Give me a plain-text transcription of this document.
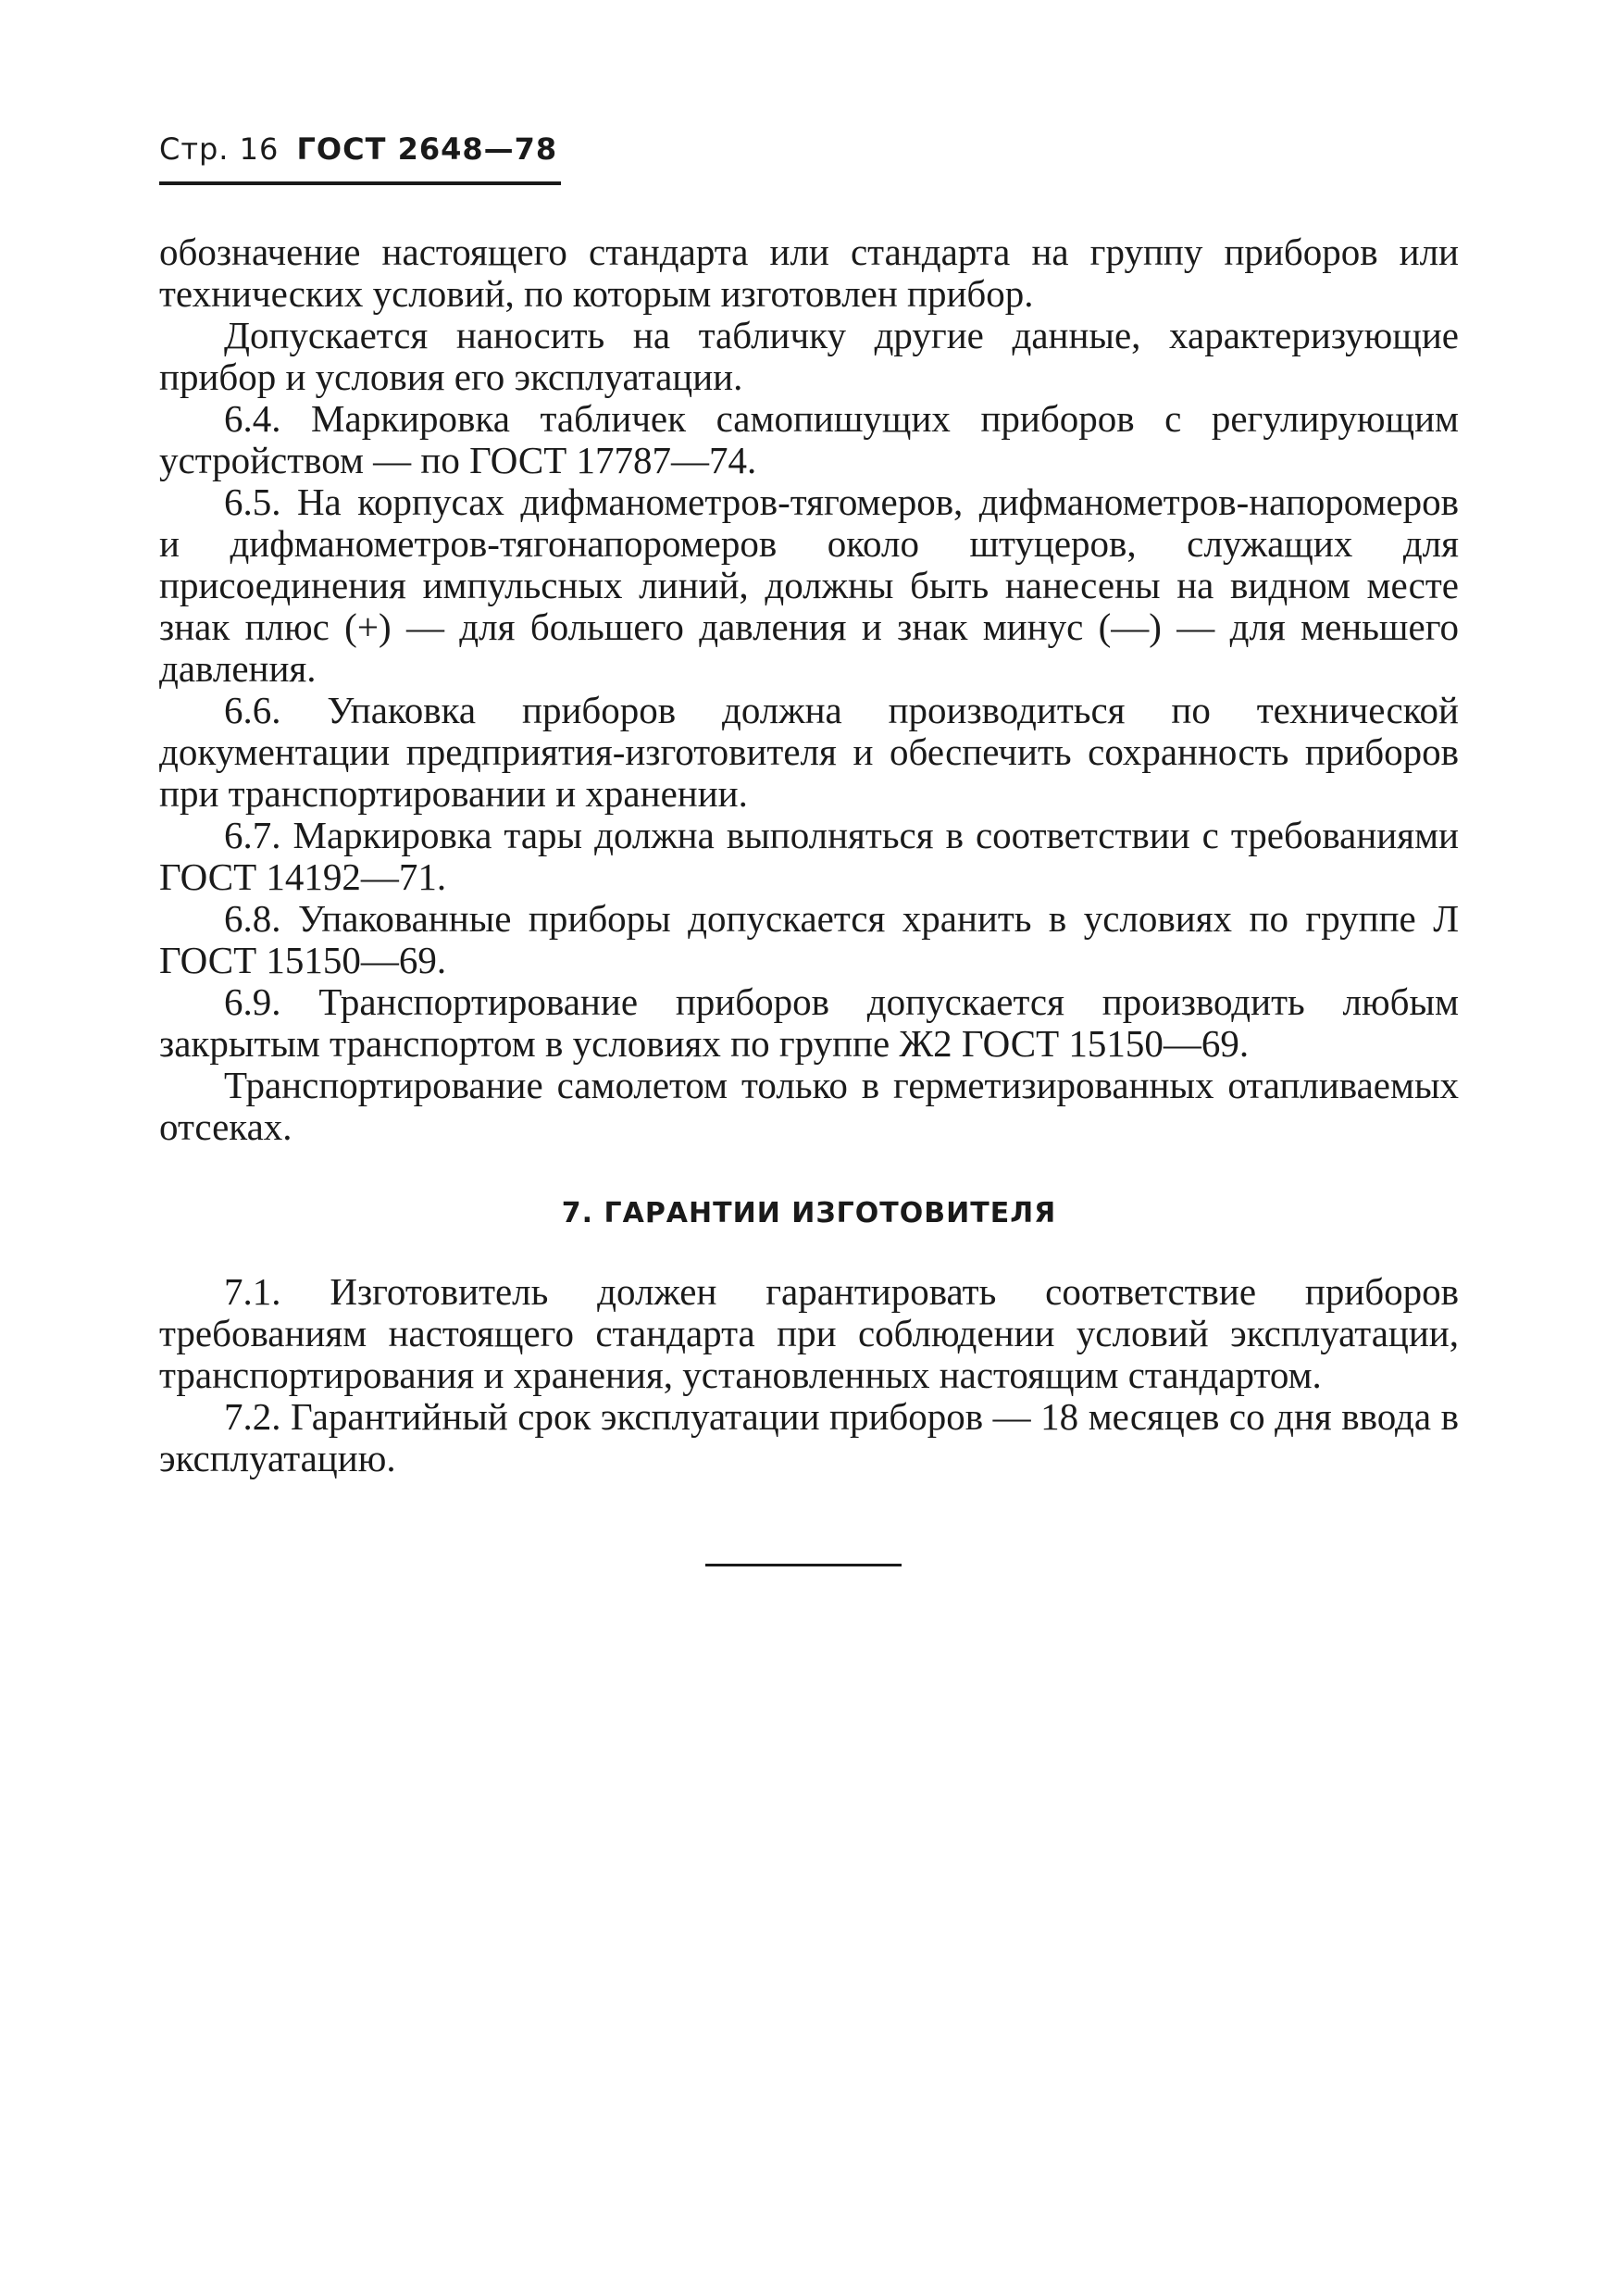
Стр. 16 ГОСТ 2648—78

обозначение настоящего стандарта или стандарта на группу приборов или технических условий, по которым изготовлен прибор.

Допускается наносить на табличку другие данные, характеризующие прибор и условия его эксплуатации.

6.4. Маркировка табличек самопишущих приборов с регулирующим устройством — по ГОСТ 17787—74.

6.5. На корпусах дифманометров-тягомеров, дифманометров-напоромеров и дифманометров-тягонапоромеров около штуцеров, служащих для присоединения импульсных линий, должны быть нанесены на видном месте знак плюс (+) — для большего давления и знак минус (—) — для меньшего давления.

6.6. Упаковка приборов должна производиться по технической документации предприятия-изготовителя и обеспечить сохранность приборов при транспортировании и хранении.

6.7. Маркировка тары должна выполняться в соответствии с требованиями ГОСТ 14192—71.

6.8. Упакованные приборы допускается хранить в условиях по группе Л ГОСТ 15150—69.

6.9. Транспортирование приборов допускается производить любым закрытым транспортом в условиях по группе Ж2 ГОСТ 15150—69.

Транспортирование самолетом только в герметизированных отапливаемых отсеках.

7. ГАРАНТИИ ИЗГОТОВИТЕЛЯ

7.1. Изготовитель должен гарантировать соответствие приборов требованиям настоящего стандарта при соблюдении условий эксплуатации, транспортирования и хранения, установленных настоящим стандартом.

7.2. Гарантийный срок эксплуатации приборов — 18 месяцев со дня ввода в эксплуатацию.
